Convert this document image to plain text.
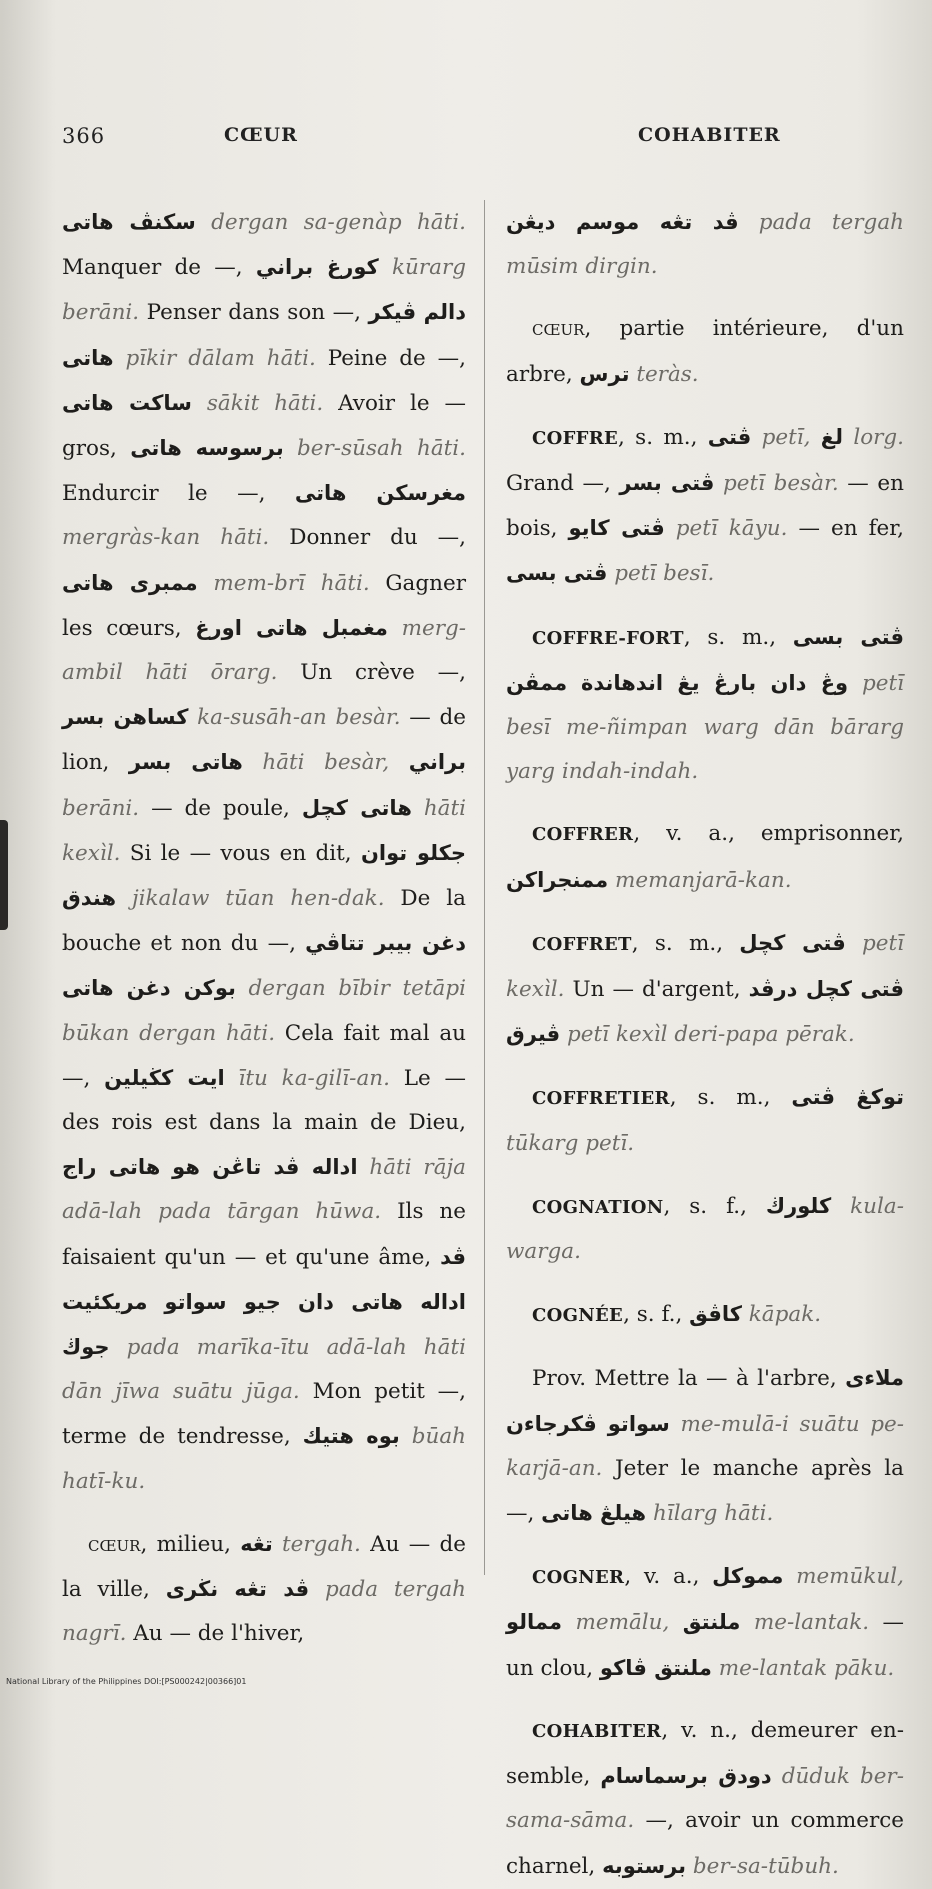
366	CŒUR	COHABITER

سكنڤ هاتى dergan sa-genàp hāti. Manquer de —, كورغ براني kūrarg berāni. Penser dans son —, ڤيكر دالم هاتى pīkir dālam hāti. Peine de —, ساكت هاتى sākit hāti. Avoir le — gros, برسوسه هاتى ber-sūsah hāti. Endurcir le —, مغرسكن هاتى mergràs-kan hāti. Donner du —, ممبرى هاتى mem-brī hāti. Gagner les cœurs, مغمبل هاتى اورغ merg-ambil hāti ōrarg. Un crève —, كساهن بسر ka-susāh-an besàr. — de lion, هاتى بسر hāti besàr, براني berāni. — de poule, هاتى كچل hāti kexìl. Si le — vous en dit, جكلو توان هندق jikalaw tūan hen-dak. De la bouche et non du —, دغن بيبر تتاڤي بوكن دغن هاتى dergan bībir tetāpi būkan dergan hāti. Cela fait mal au —, ايت كڬيلين ītu ka-gilī-an. Le — des rois est dans la main de Dieu, هاتى راج اداله ڤد تاڠن هو hāti rāja adā-lah pada tārgan hūwa. Ils ne faisaient qu'un — et qu'une âme, ڤد مريكئيت اداله هاتى دان جيو سواتو جوڬ pada marīka-ītu adā-lah hāti dān jīwa suātu jūga. Mon petit —, terme de tendresse, بوه هتيك būah hatī-ku.

cœur, milieu, تڠه tergah. Au — de la ville, ڤد تڠه نڬرى pada tergah nagrī. Au — de l'hiver,

ڤد تڠه موسم ديڠن pada tergah mūsim dirgin.

cœur, partie intérieure, d'un arbre, ترس teràs.

COFFRE, s. m., ڤتى petī, لغ lorg. Grand —, ڤتى بسر petī besàr. — en bois, ڤتى كايو petī kāyu. — en fer, ڤتى بسى petī besī.

COFFRE-FORT, s. m., ڤتى بسى ممڤن وڠ دان بارڠ يڠ اندهاندة petī besī me-ñimpan warg dān bārarg yarg indah-indah.

COFFRER, v. a., emprisonner, ممنجراكن memanjarā-kan.

COFFRET, s. m., ڤتى كچل petī kexìl. Un — d'argent, ڤتى كچل درڤد ڤيرق petī kexìl deri-papa pērak.

COFFRETIER, s. m., توكڠ ڤتى tūkarg petī.

COGNATION, s. f., كلورڬ kula-warga.

COGNÉE, s. f., كاڤق kāpak.

Prov. Mettre la — à l'arbre, ملاءى سواتو ڤكرجاءن me-mulā-i suātu pe-karjā-an. Jeter le manche après la —, هيلڠ هاتى hīlarg hāti.

COGNER, v. a., مموكل memūkul, ممالو memālu, ملنتق me-lantak. — un clou, ملنتق ڤاكو me-lantak pāku.

COHABITER, v. n., demeurer en-semble, دودق برسماسام dūduk ber-sama-sāma. —, avoir un commerce charnel, برستوبه ber-sa-tūbuh.

National Library of the Philippines DOI:[PS000242|00366]01
